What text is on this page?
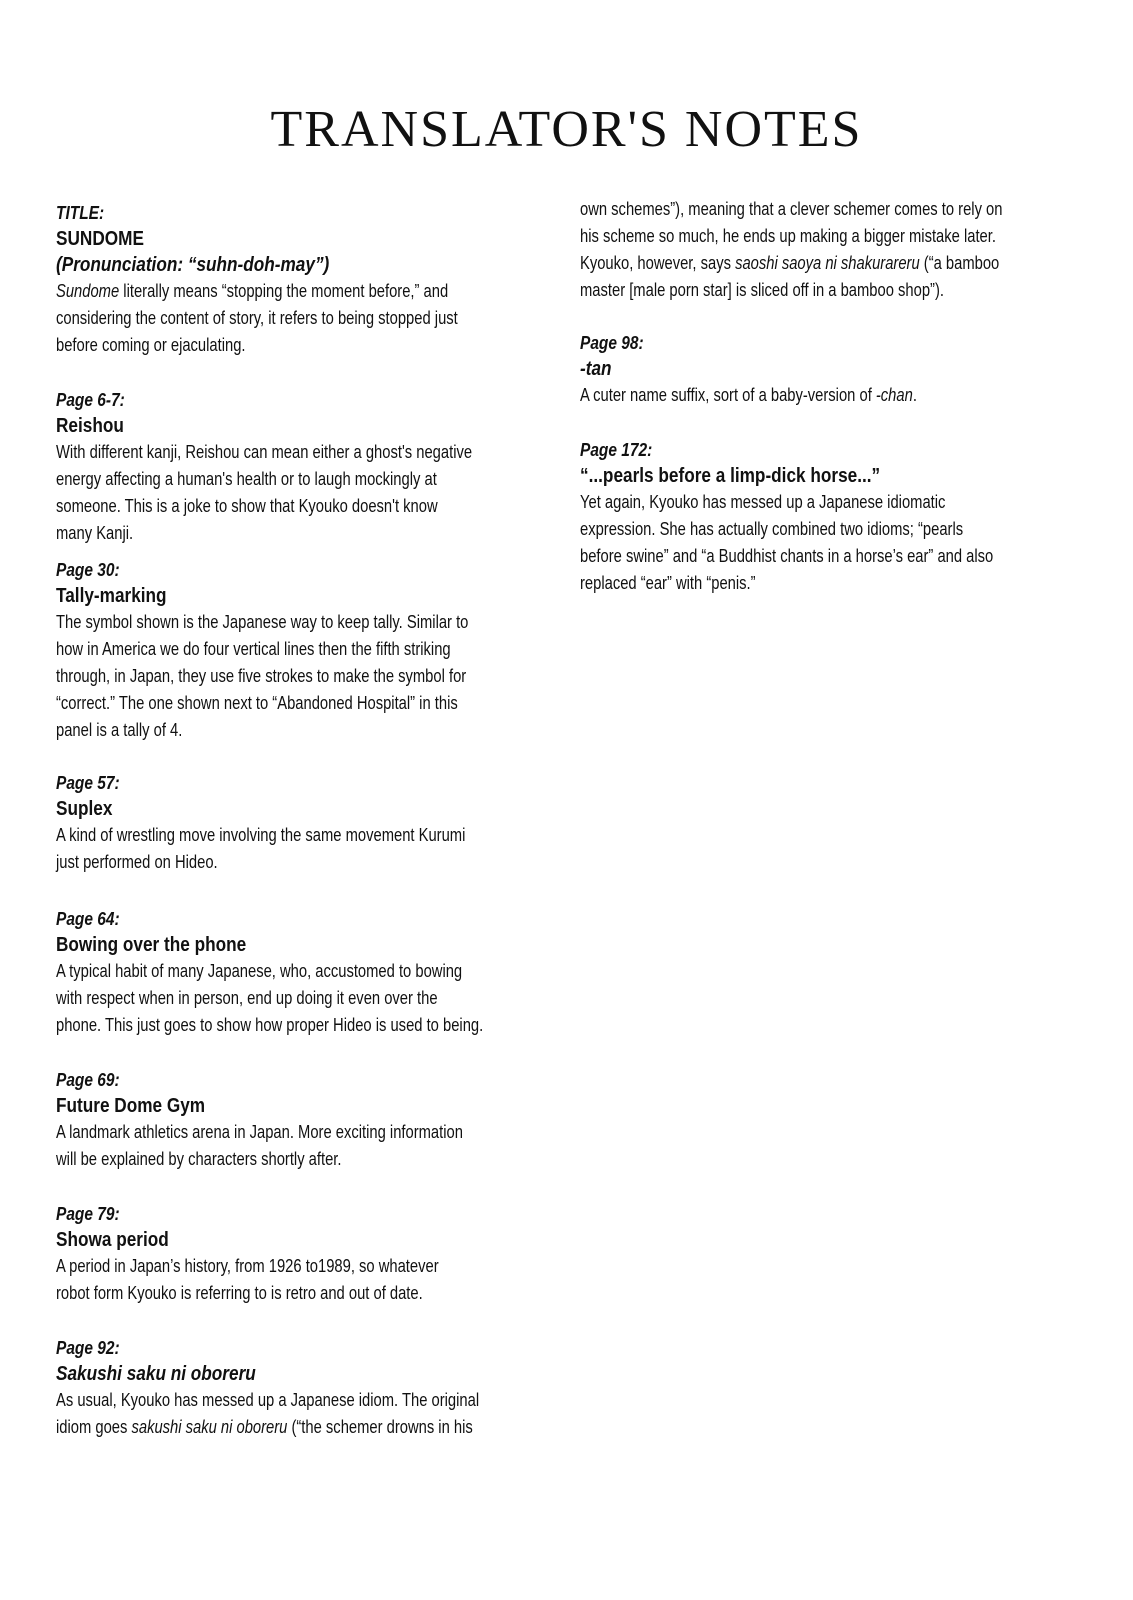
TRANSLATOR'S NOTES
TITLE:
SUNDOME
(Pronunciation: “suhn-doh-may”)
Sundome literally means “stopping the moment before,” and
considering the content of story, it refers to being stopped just
before coming or ejaculating.
Page 6-7:
Reishou
With different kanji, Reishou can mean either a ghost's negative
energy affecting a human's health or to laugh mockingly at
someone. This is a joke to show that Kyouko doesn't know
many Kanji.
Page 30:
Tally-marking
The symbol shown is the Japanese way to keep tally. Similar to
how in America we do four vertical lines then the fifth striking
through, in Japan, they use five strokes to make the symbol for
“correct.” The one shown next to “Abandoned Hospital” in this
panel is a tally of 4.
Page 57:
Suplex
A kind of wrestling move involving the same movement Kurumi
just performed on Hideo.
Page 64:
Bowing over the phone
A typical habit of many Japanese, who, accustomed to bowing
with respect when in person, end up doing it even over the
phone. This just goes to show how proper Hideo is used to being.
Page 69:
Future Dome Gym
A landmark athletics arena in Japan. More exciting information
will be explained by characters shortly after.
Page 79:
Showa period
A period in Japan’s history, from 1926 to1989, so whatever
robot form Kyouko is referring to is retro and out of date.
Page 92:
Sakushi saku ni oboreru
As usual, Kyouko has messed up a Japanese idiom. The original
idiom goes sakushi saku ni oboreru (“the schemer drowns in his
own schemes”), meaning that a clever schemer comes to rely on
his scheme so much, he ends up making a bigger mistake later.
Kyouko, however, says saoshi saoya ni shakurareru (“a bamboo
master [male porn star] is sliced off in a bamboo shop”).
Page 98:
-tan
A cuter name suffix, sort of a baby-version of -chan.
Page 172:
“...pearls before a limp-dick horse...”
Yet again, Kyouko has messed up a Japanese idiomatic
expression. She has actually combined two idioms; “pearls
before swine” and “a Buddhist chants in a horse’s ear” and also
replaced “ear” with “penis.”
